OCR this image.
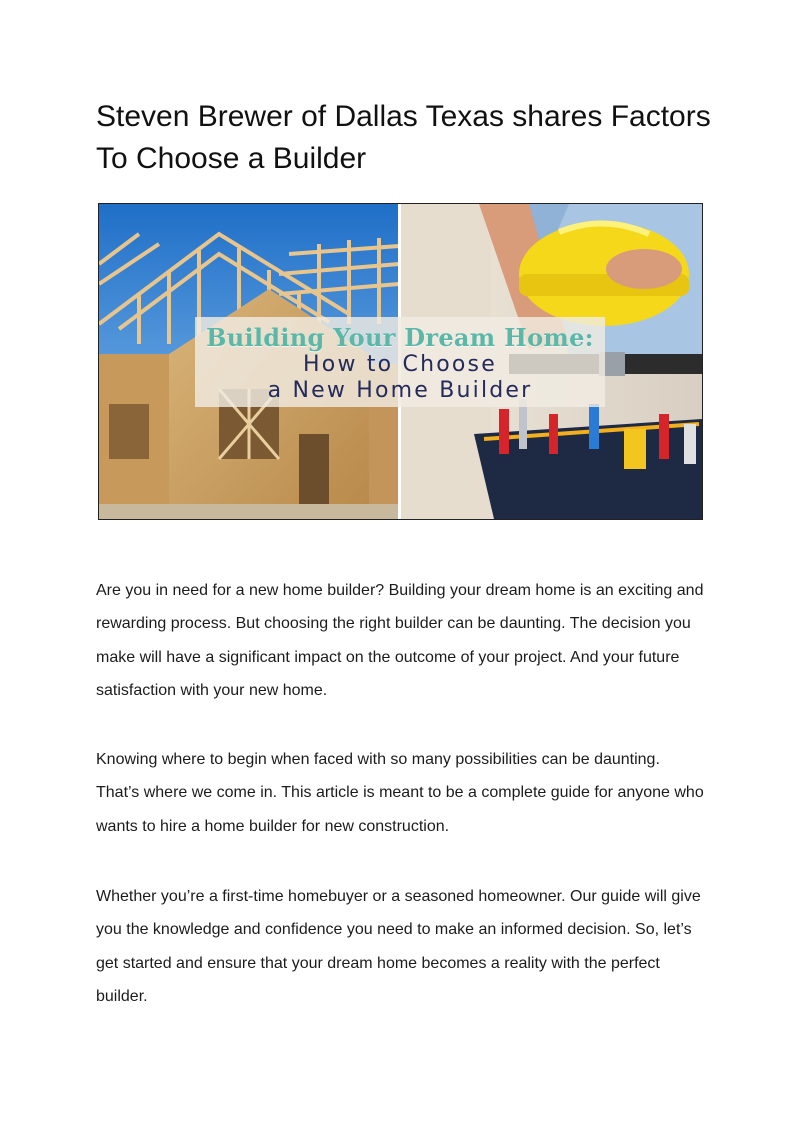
Steven Brewer of Dallas Texas shares Factors To Choose a Builder
Building Your Dream Home:
How to Choose
a New Home Builder

Are you in need for a new home builder? Building your dream home is an exciting and rewarding process. But choosing the right builder can be daunting. The decision you make will have a significant impact on the outcome of your project. And your future satisfaction with your new home.

Knowing where to begin when faced with so many possibilities can be daunting. That’s where we come in. This article is meant to be a complete guide for anyone who wants to hire a home builder for new construction.

Whether you’re a first-time homebuyer or a seasoned homeowner. Our guide will give you the knowledge and confidence you need to make an informed decision. So, let’s get started and ensure that your dream home becomes a reality with the perfect builder.
